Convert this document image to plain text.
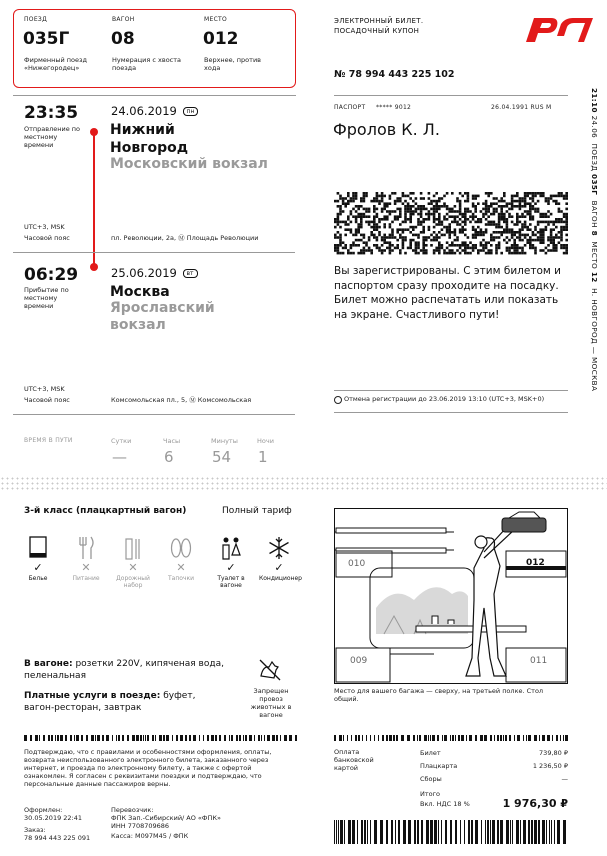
ПОЕЗД
035Г
Фирменный поезд «Нижегородец»
ВАГОН
08
Нумерация с хвоста поезда
МЕСТО
012
Верхнее, против хода
ЭЛЕКТРОННЫЙ БИЛЕТ. ПОСАДОЧНЫЙ КУПОН
№ 78 994 443 225 102
23:35
Отправление по местному времени
24.06.2019 пн
Нижний Новгород
Московский вокзал
UTC+3, MSK
Часовой пояс	пл. Революции, 2а, Ⓜ Площадь Революции
06:29
Прибытие по местному времени
25.06.2019 вт
Москва
Ярославский вокзал
UTC+3, MSK
Часовой пояс	Комсомольская пл., 5, Ⓜ Комсомольская
ПАСПОРТ ***** 9012	26.04.1991 RUS M
Фролов К. Л.
Вы зарегистрированы. С этим билетом и паспортом сразу проходите на посадку. Билет можно распечатать или показать на экране. Счастливого пути!
Отмена регистрации до 23.06.2019 13:10 (UTC+3, MSK+0)
21:10 24.06  ПОЕЗД 035Г  ВАГОН 8  МЕСТО 12  Н. НОВГОРОД — МОСКВА
ВРЕМЯ В ПУТИ	Сутки
—
Часы
6
Минуты
54
Ночи
1
3-й класс (плацкартный вагон)	Полный тариф
✓
Белье
✕
Питание
✕
Дорожный набор
✕
Тапочки
✓
Туалет в вагоне
✓
Кондиционер
В вагоне: розетки 220V, кипяченая вода, пеленальная
Платные услуги в поезде: буфет, вагон-ресторан, завтрак
Запрещен провоз животных в вагоне
010	012
009	011
Место для вашего багажа — сверху, на третьей полке. Стол общий.
Подтверждаю, что с правилами и особенностями оформления, оплаты, возврата неиспользованного электронного билета, заказанного через интернет, и проезда по электронному билету, а также с офертой ознакомлен. Я согласен с реквизитами поездки и подтверждаю, что персональные данные пассажиров верны.
Оформлен:
30.05.2019 22:41
Заказ:
78 994 443 225 091
Перевозчик:
ФПК Зап.-Сибирский/ АО «ФПК»
ИНН 7708709686
Касса: М097М45 / ФПК
Оплата банковской картой
Билет	739,80 ₽
Плацкарта	1 236,50 ₽
Сборы	—
Итого
Вкл. НДС 18 %	1 976,30 ₽
